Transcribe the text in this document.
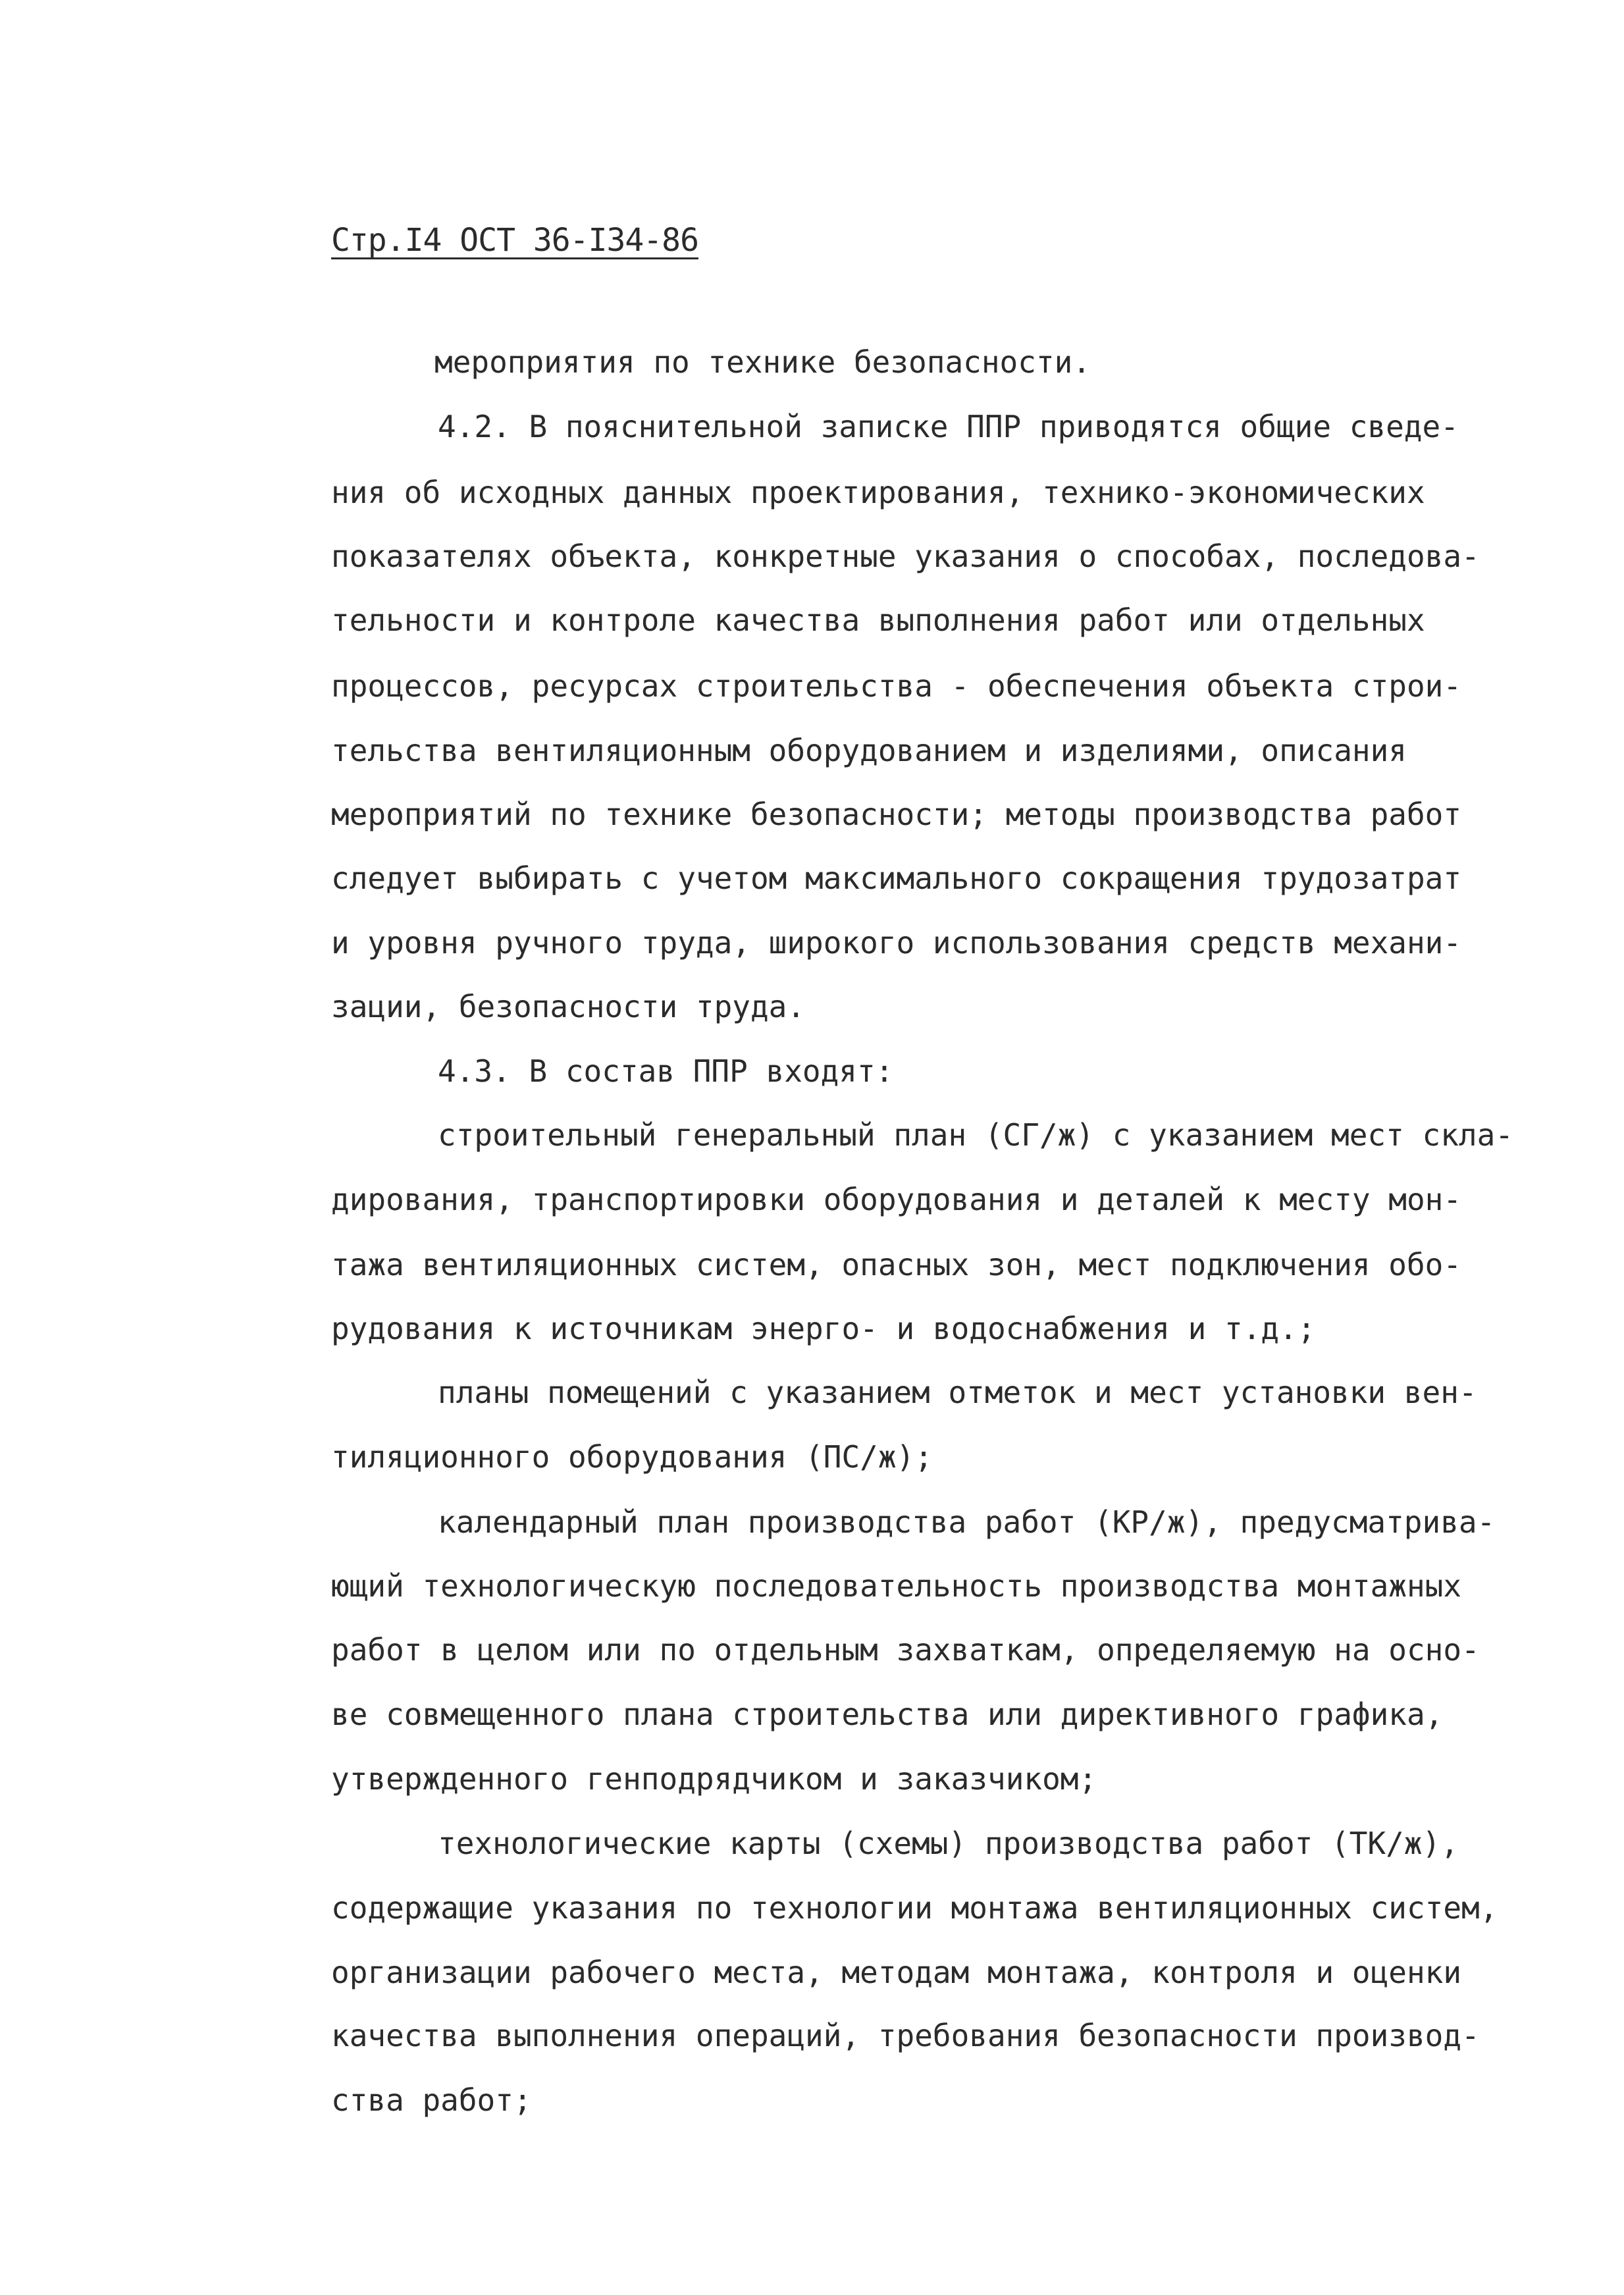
Стр.I4 ОСТ 36-I34-86
мероприятия по технике безопасности.
4.2. В пояснительной записке ППР приводятся общие сведе-
ния об исходных данных проектирования, технико-экономических
показателях объекта, конкретные указания о способах, последова-
тельности и контроле качества выполнения работ или отдельных
процессов, ресурсах строительства - обеспечения объекта строи-
тельства вентиляционным оборудованием и изделиями, описания
мероприятий по технике безопасности; методы производства работ
следует выбирать с учетом максимального сокращения трудозатрат
и уровня ручного труда, широкого использования средств механи-
зации, безопасности труда.
4.3. В состав ППР входят:
строительный генеральный план (СГ/ж) с указанием мест скла-
дирования, транспортировки оборудования и деталей к месту мон-
тажа вентиляционных систем, опасных зон, мест подключения обо-
рудования к источникам энерго- и водоснабжения и т.д.;
планы помещений с указанием отметок и мест установки вен-
тиляционного оборудования (ПС/ж);
календарный план производства работ (КР/ж), предусматрива-
ющий технологическую последовательность производства монтажных
работ в целом или по отдельным захваткам, определяемую на осно-
ве совмещенного плана строительства или директивного графика,
утвержденного генподрядчиком и заказчиком;
технологические карты (схемы) производства работ (ТК/ж),
содержащие указания по технологии монтажа вентиляционных систем,
организации рабочего места, методам монтажа, контроля и оценки
качества выполнения операций, требования безопасности производ-
ства работ;
